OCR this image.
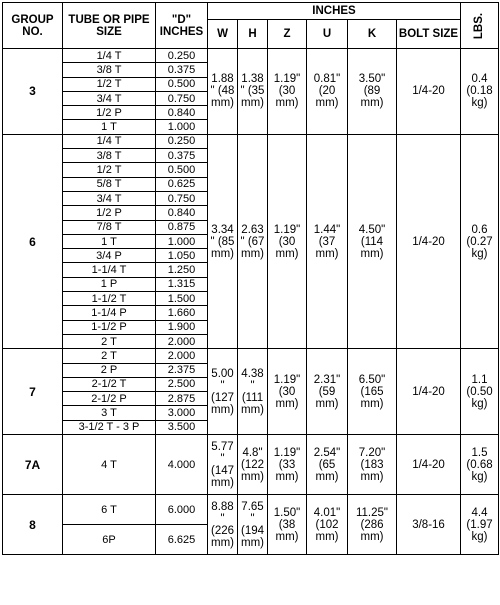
GROUP NO.	TUBE OR PIPE SIZE	"D" INCHES	INCHES						LBS.
			W	H	Z	U	K	BOLT SIZE	
3	1/4 T	0.250	1.88
" (48
mm)	1.38
" (35
mm)	1.19"
(30
mm)	0.81"
(20
mm)	3.50"
(89
mm)	1/4-20	0.4
(0.18
kg)
	3/8 T	0.375							
	1/2 T	0.500							
	3/4 T	0.750							
	1/2 P	0.840							
	1 T	1.000							
6	1/4 T	0.250	3.34
" (85
mm)	2.63
" (67
mm)	1.19"
(30
mm)	1.44"
(37
mm)	4.50"
(114
mm)	1/4-20	0.6
(0.27
kg)
	3/8 T	0.375							
	1/2 T	0.500							
	5/8 T	0.625							
	3/4 T	0.750							
	1/2 P	0.840							
	7/8 T	0.875							
	1 T	1.000							
	3/4 P	1.050							
	1-1/4 T	1.250							
	1 P	1.315							
	1-1/2 T	1.500							
	1-1/4 P	1.660							
	1-1/2 P	1.900							
	2 T	2.000							
7	2 T	2.000	5.00
"
(127
mm)	4.38
"
(111
mm)	1.19"
(30
mm)	2.31"
(59
mm)	6.50"
(165
mm)	1/4-20	1.1
(0.50
kg)
	2 P	2.375							
	2-1/2 T	2.500							
	2-1/2 P	2.875							
	3 T	3.000							
	3-1/2 T - 3 P	3.500							
7A	4 T	4.000	5.77
"
(147
mm)	4.8"
(122
mm)	1.19"
(33
mm)	2.54"
(65
mm)	7.20"
(183
mm)	1/4-20	1.5
(0.68
kg)
8	6 T	6.000	8.88
"
(226
mm)	7.65
"
(194
mm)	1.50"
(38
mm)	4.01"
(102
mm)	11.25"
(286
mm)	3/8-16	4.4
(1.97
kg)
	6P	6.625							
